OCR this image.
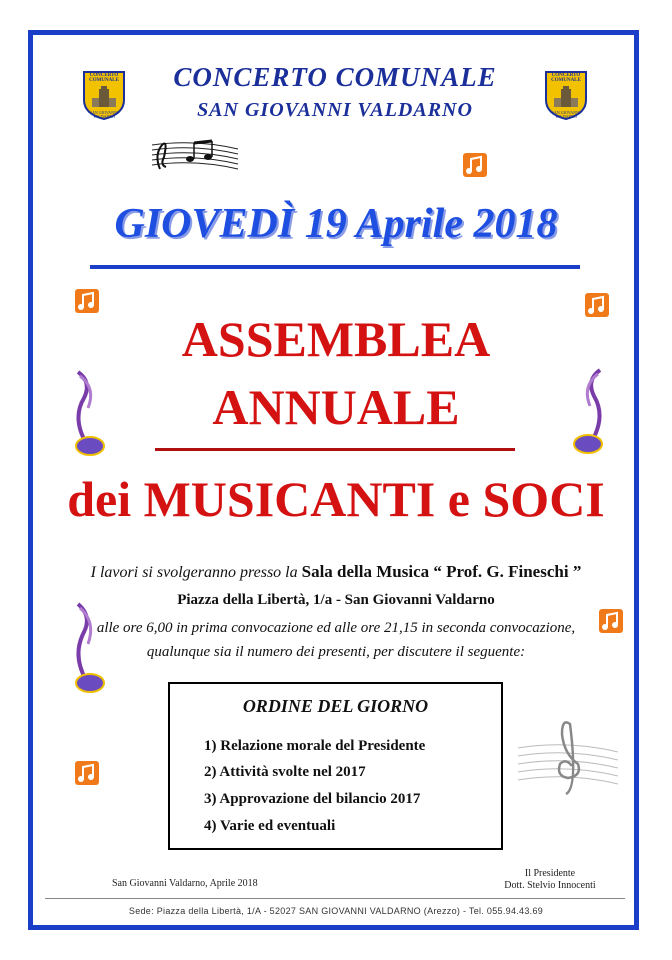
CONCERTO COMUNALE
SAN GIOVANNI VALDARNO
CONCERTO COMUNALE
SAN GIOVANNI VALDARNO
CONCERTO COMUNALE
SAN GIOVANNI VALDARNO
GIOVEDÌ 19 Aprile 2018
ASSEMBLEA
ANNUALE
dei MUSICANTI e SOCI
I lavori si svolgeranno presso la Sala della Musica “ Prof. G. Fineschi ”
Piazza della Libertà, 1/a - San Giovanni Valdarno
alle ore 6,00 in prima convocazione ed alle ore 21,15 in seconda convocazione,
qualunque sia il numero dei presenti, per discutere il seguente:
ORDINE DEL GIORNO
1) Relazione morale del Presidente
2) Attività svolte nel 2017
3) Approvazione del bilancio 2017
4) Varie ed eventuali
San Giovanni Valdarno, Aprile 2018
Il Presidente
Dott. Stelvio Innocenti
Sede: Piazza della Libertà, 1/A - 52027 SAN GIOVANNI VALDARNO (Arezzo) - Tel. 055.94.43.69
